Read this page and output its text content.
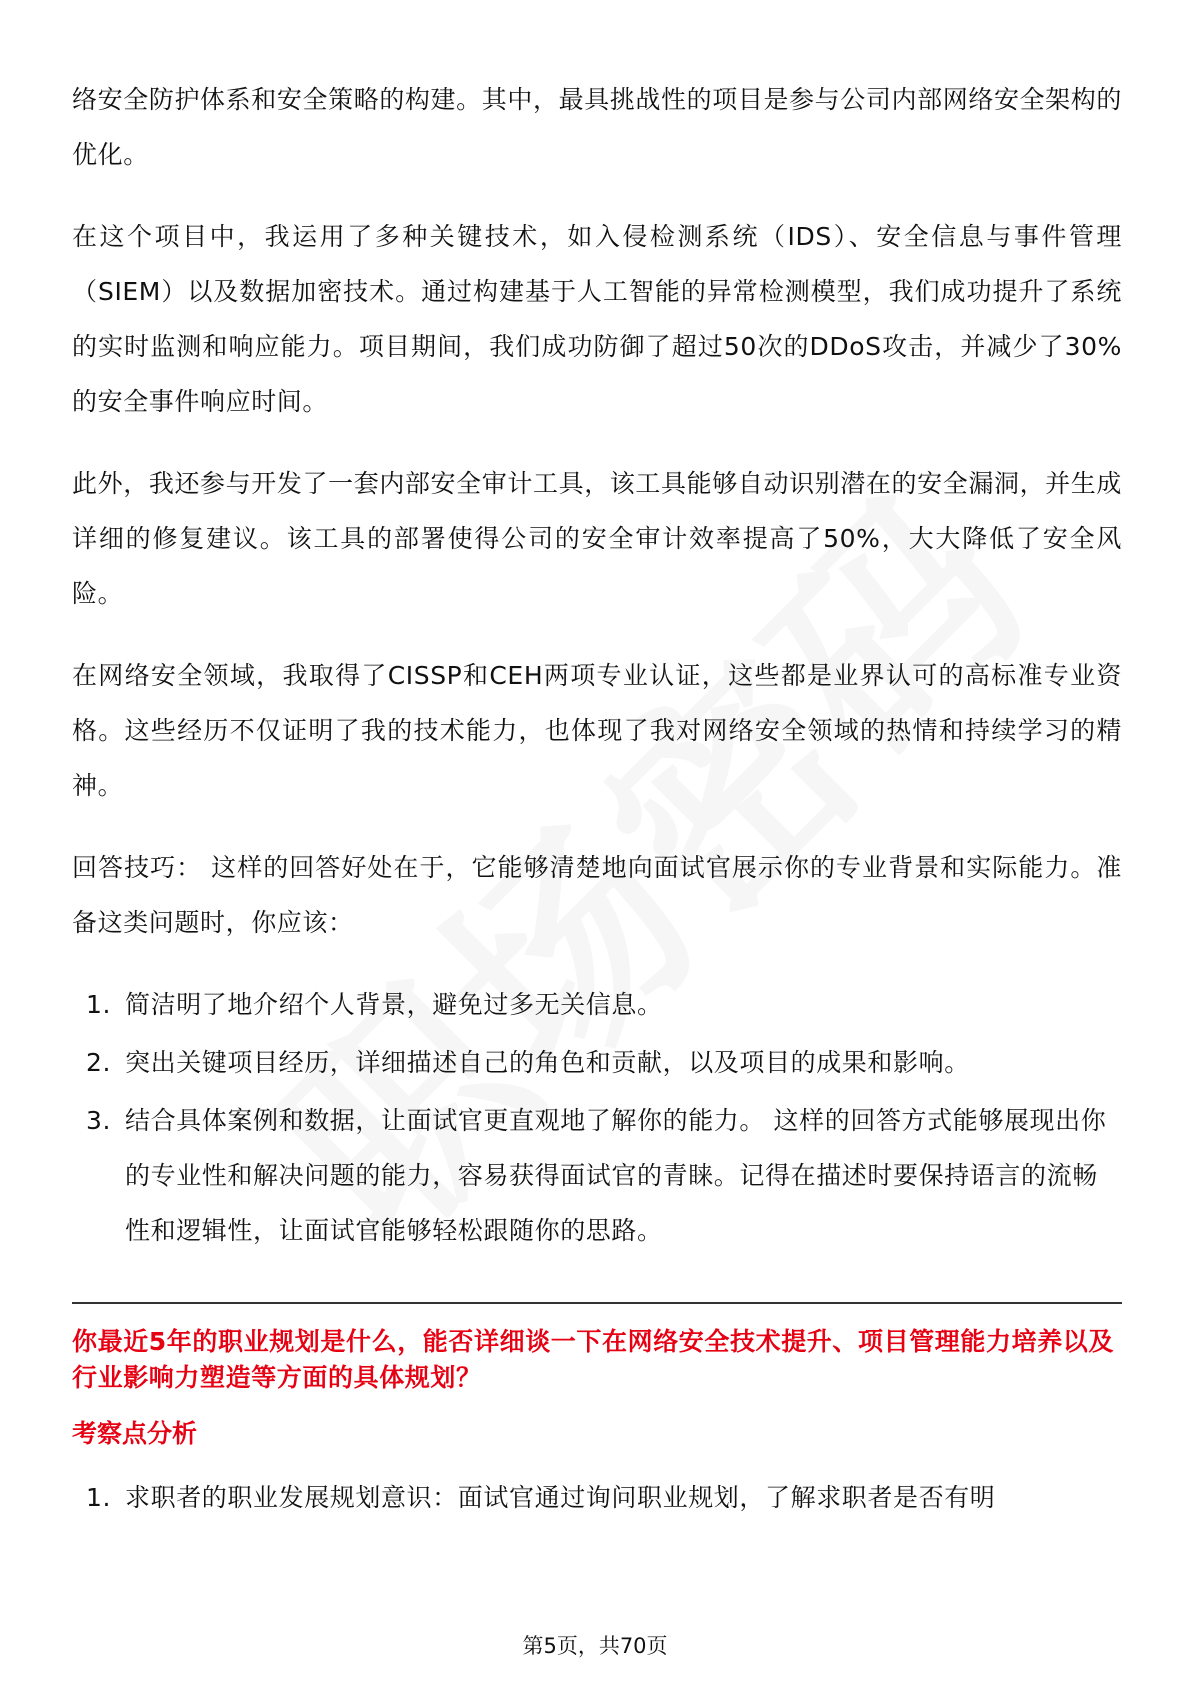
络安全防护体系和安全策略的构建。其中，最具挑战性的项目是参与公司内部网络安全架构的优化。

在这个项目中，我运用了多种关键技术，如入侵检测系统（IDS）、安全信息与事件管理（SIEM）以及数据加密技术。通过构建基于人工智能的异常检测模型，我们成功提升了系统的实时监测和响应能力。项目期间，我们成功防御了超过50次的DDoS攻击，并减少了30%的安全事件响应时间。

此外，我还参与开发了一套内部安全审计工具，该工具能够自动识别潜在的安全漏洞，并生成详细的修复建议。该工具的部署使得公司的安全审计效率提高了50%，大大降低了安全风险。

在网络安全领域，我取得了CISSP和CEH两项专业认证，这些都是业界认可的高标准专业资格。这些经历不仅证明了我的技术能力，也体现了我对网络安全领域的热情和持续学习的精神。

回答技巧： 这样的回答好处在于，它能够清楚地向面试官展示你的专业背景和实际能力。准备这类问题时，你应该：

1. 简洁明了地介绍个人背景，避免过多无关信息。
2. 突出关键项目经历，详细描述自己的角色和贡献，以及项目的成果和影响。
3. 结合具体案例和数据，让面试官更直观地了解你的能力。 这样的回答方式能够展现出你的专业性和解决问题的能力，容易获得面试官的青睐。记得在描述时要保持语言的流畅性和逻辑性，让面试官能够轻松跟随你的思路。
你最近5年的职业规划是什么，能否详细谈一下在网络安全技术提升、项目管理能力培养以及行业影响力塑造等方面的具体规划？
考察点分析
1. 求职者的职业发展规划意识：面试官通过询问职业规划，了解求职者是否有明
第5页，共70页
